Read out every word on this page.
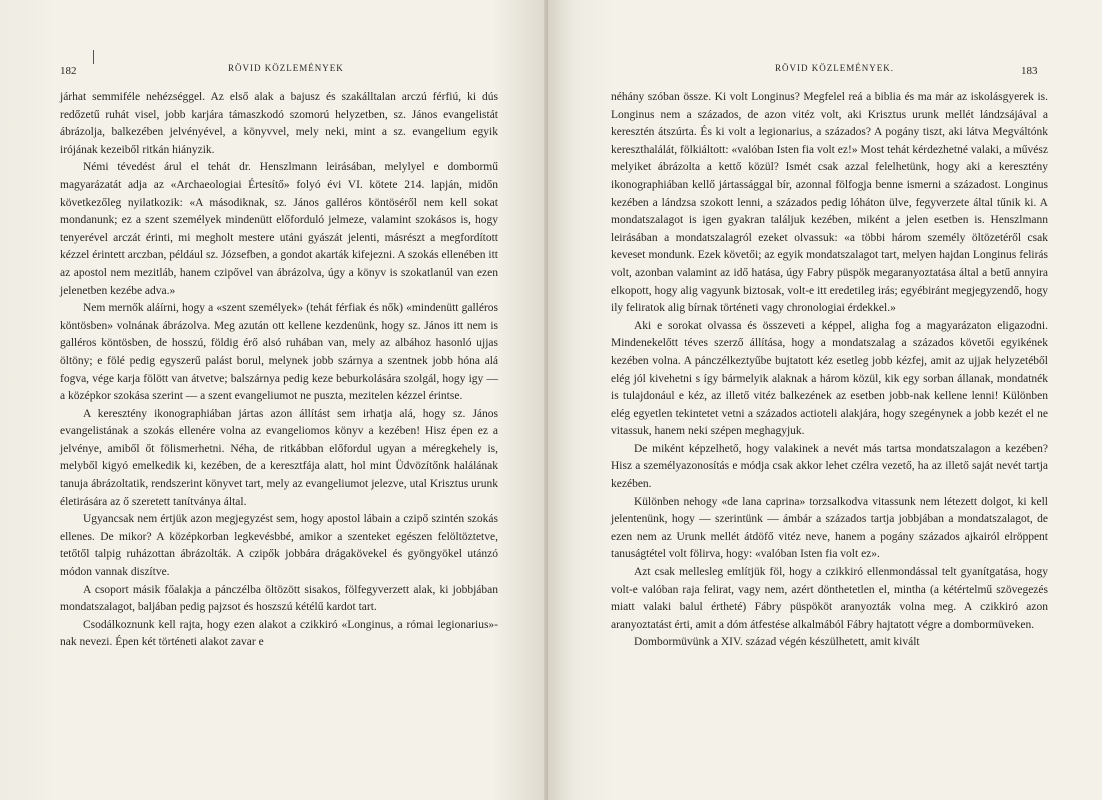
182	RÖVID KÖZLEMÉNYEK

járhat semmiféle nehézséggel. Az első alak a bajusz és szakálltalan arczú férfiú, ki dús redőzetű ruhát visel, jobb karjára támaszkodó szomorú helyzetben, sz. János evangelistát ábrázolja, balkezében jelvényével, a könyvvel, mely neki, mint a sz. evangelium egyik irójának kezeiből ritkán hiányzik.

Némi tévedést árul el tehát dr. Henszlmann leirásában, melylyel e dombormű magyarázatát adja az «Archaeologiai Értesítő» folyó évi VI. kötete 214. lapján, midőn következőleg nyilatkozik: «A másodiknak, sz. János galléros köntöséről nem kell sokat mondanunk; ez a szent személyek mindenütt előforduló jelmeze, valamint szokásos is, hogy tenyerével arczát érinti, mi megholt mestere utáni gyászát jelenti, másrészt a megfordított kézzel érintett arczban, például sz. Józsefben, a gondot akarták kifejezni. A szokás ellenében itt az apostol nem mezitláb, hanem czipővel van ábrázolva, úgy a könyv is szokatlanúl van ezen jelenetben kezébe adva.»

Nem mernők aláírni, hogy a «szent személyek» (tehát férfiak és nők) «mindenütt galléros köntösben» volnának ábrázolva. Meg azután ott kellene kezdenünk, hogy sz. János itt nem is galléros köntösben, de hosszú, földig érő alsó ruhában van, mely az albához hasonló ujjas öltöny; e fölé pedig egyszerű palást borul, melynek jobb szárnya a szentnek jobb hóna alá fogva, vége karja fölött van átvetve; balszárnya pedig keze beburkolására szolgál, hogy igy — a középkor szokása szerint — a szent evangeliumot ne puszta, mezitelen kézzel érintse.

A keresztény ikonographiában jártas azon állítást sem irhatja alá, hogy sz. János evangelistának a szokás ellenére volna az evangeliomos könyv a kezében! Hisz épen ez a jelvénye, amiből őt fölismerhetni. Néha, de ritkábban előfordul ugyan a méregkehely is, melyből kigyó emelkedik ki, kezében, de a keresztfája alatt, hol mint Üdvözítőnk halálának tanuja ábrázoltatik, rendszerint könyvet tart, mely az evangeliumot jelezve, utal Krisztus urunk életirására az ő szeretett tanítványa által.

Ugyancsak nem értjük azon megjegyzést sem, hogy apostol lábain a czipő szintén szokás ellenes. De mikor? A középkorban legkevésbbé, amikor a szenteket egészen felöltöztetve, tetőtől talpig ruházottan ábrázolták. A czipők jobbára drágakövekel és gyöngyökel utánzó módon vannak diszítve.

A csoport másik főalakja a pánczélba öltözött sisakos, fölfegyverzett alak, ki jobbjában mondatszalagot, baljában pedig pajzsot és hoszszú kétélű kardot tart.

Csodálkoznunk kell rajta, hogy ezen alakot a czikkiró «Longinus, a római legionarius»-nak nevezi. Épen két történeti alakot zavar e

RÖVID KÖZLEMÉNYEK.	183

néhány szóban össze. Ki volt Longinus? Megfelel reá a biblia és ma már az iskolásgyerek is. Longinus nem a százados, de azon vitéz volt, aki Krisztus urunk mellét lándzsájával a keresztén átszúrta. És ki volt a legionarius, a százados? A pogány tiszt, aki látva Megváltónk kereszthalálát, fölkiáltott: «valóban Isten fia volt ez!» Most tehát kérdezhetné valaki, a művész melyiket ábrázolta a kettő közül? Ismét csak azzal felelhetünk, hogy aki a keresztény ikonographiában kellő jártassággal bír, azonnal fölfogja benne ismerni a századost. Longinus kezében a lándzsa szokott lenni, a százados pedig lóháton ülve, fegyverzete által tűnik ki. A mondatszalagot is igen gyakran találjuk kezében, miként a jelen esetben is. Henszlmann leirásában a mondatszalagról ezeket olvassuk: «a többi három személy öltözetéről csak keveset mondunk. Ezek követői; az egyik mondatszalagot tart, melyen hajdan Longinus felirás volt, azonban valamint az idő hatása, úgy Fabry püspök megaranyoztatása által a betű annyira elkopott, hogy alig vagyunk biztosak, volt-e itt eredetileg irás; egyébiránt megjegyzendő, hogy ily feliratok alig bírnak történeti vagy chronologiai érdekkel.»

Aki e sorokat olvassa és összeveti a képpel, aligha fog a magyarázaton eligazodni. Mindenekelőtt téves szerző állítása, hogy a mondatszalag a százados követői egyikének kezében volna. A pánczélkeztyűbe bujtatott kéz esetleg jobb kézfej, amit az ujjak helyzetéből elég jól kivehetni s így bármelyik alaknak a három közül, kik egy sorban állanak, mondatnék is tulajdonául e kéz, az illető vitéz balkezének az esetben jobb-nak kellene lenni! Különben elég egyetlen tekintetet vetni a százados actioteli alakjára, hogy szegénynek a jobb kezét el ne vitassuk, hanem neki szépen meghagyjuk.

De miként képzelhető, hogy valakinek a nevét más tartsa mondatszalagon a kezében? Hisz a személyazonosítás e módja csak akkor lehet czélra vezető, ha az illető saját nevét tartja kezében.

Különben nehogy «de lana caprina» torzsalkodva vitassunk nem létezett dolgot, ki kell jelentenünk, hogy — szerintünk — ámbár a százados tartja jobbjában a mondatszalagot, de ezen nem az Urunk mellét átdöfő vitéz neve, hanem a pogány százados ajkairól elröppent tanuságtétel volt fölirva, hogy: «valóban Isten fia volt ez».

Azt csak mellesleg említjük föl, hogy a czikkiró ellenmondással telt gyanítgatása, hogy volt-e valóban raja felirat, vagy nem, azért dönthetetlen el, mintha (a kétértelmű szövegezés miatt valaki balul értheté) Fábry püspököt aranyozták volna meg. A czikkiró azon aranyoztatást érti, amit a dóm átfestése alkalmából Fábry hajtatott végre a dombormüveken.

Dombormüvünk a XIV. század végén készülhetett, amit kivált
